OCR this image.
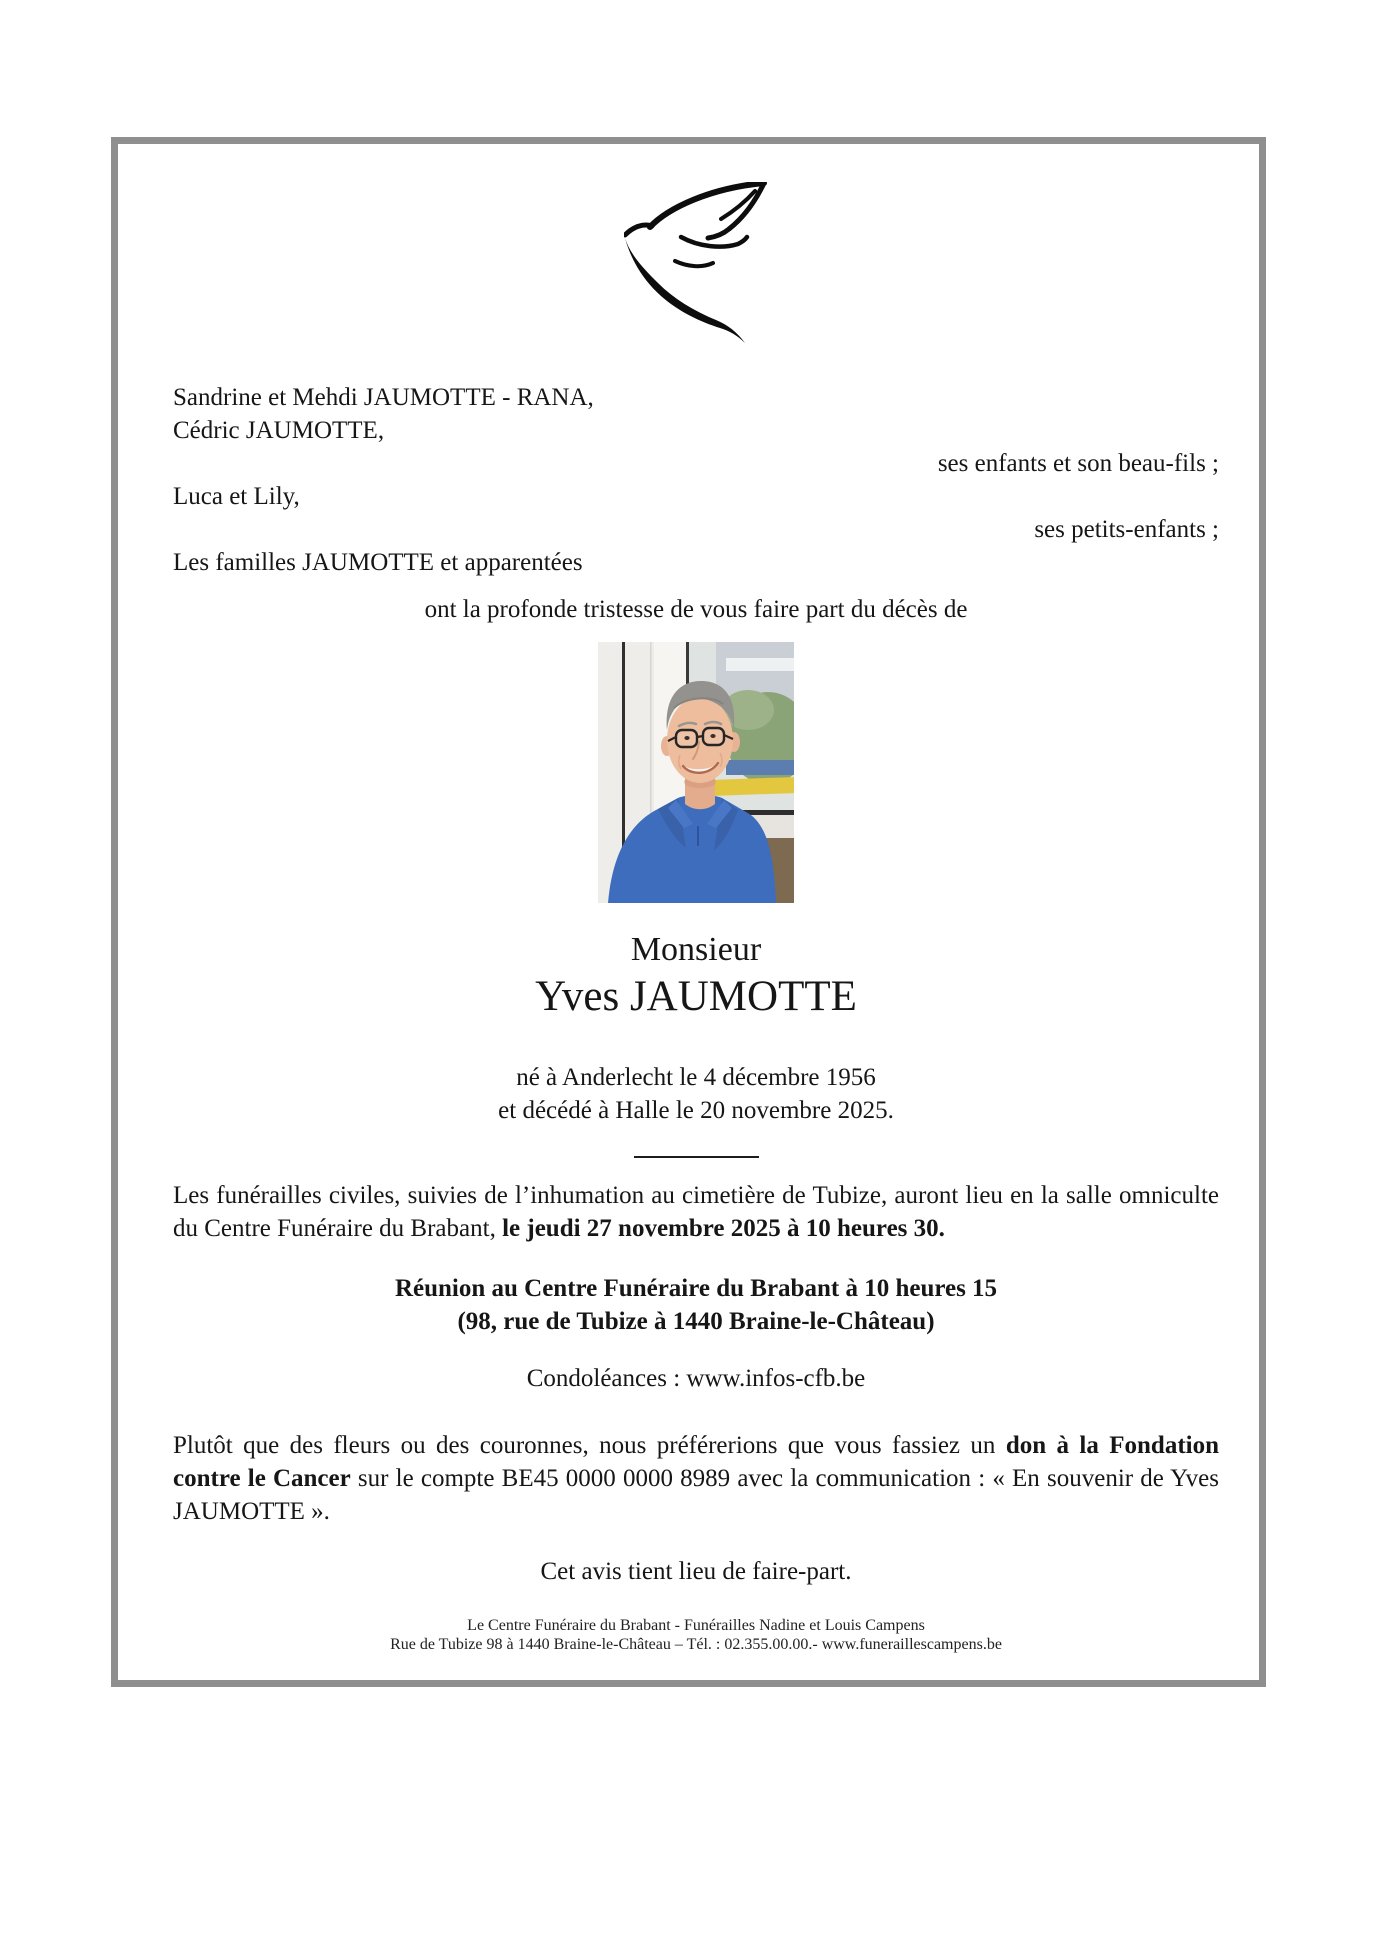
Sandrine et Mehdi JAUMOTTE - RANA,
Cédric JAUMOTTE,
ses enfants et son beau-fils ;
Luca et Lily,
ses petits-enfants ;
Les familles JAUMOTTE et apparentées
ont la profonde tristesse de vous faire part du décès de
Monsieur
Yves JAUMOTTE
né à Anderlecht le 4 décembre 1956
et décédé à Halle le 20 novembre 2025.

Les funérailles civiles, suivies de l’inhumation au cimetière de Tubize, auront lieu en la salle omniculte du Centre Funéraire du Brabant, le jeudi 27 novembre 2025 à 10 heures 30.

Réunion au Centre Funéraire du Brabant à 10 heures 15
(98, rue de Tubize à 1440 Braine-le-Château)
Condoléances : www.infos-cfb.be

Plutôt que des fleurs ou des couronnes, nous préférerions que vous fassiez un don à la Fondation contre le Cancer sur le compte BE45 0000 0000 8989 avec la communication : « En souvenir de Yves JAUMOTTE ».

Cet avis tient lieu de faire-part.
Le Centre Funéraire du Brabant - Funérailles Nadine et Louis Campens
Rue de Tubize 98 à 1440 Braine-le-Château – Tél. : 02.355.00.00.- www.funeraillescampens.be
